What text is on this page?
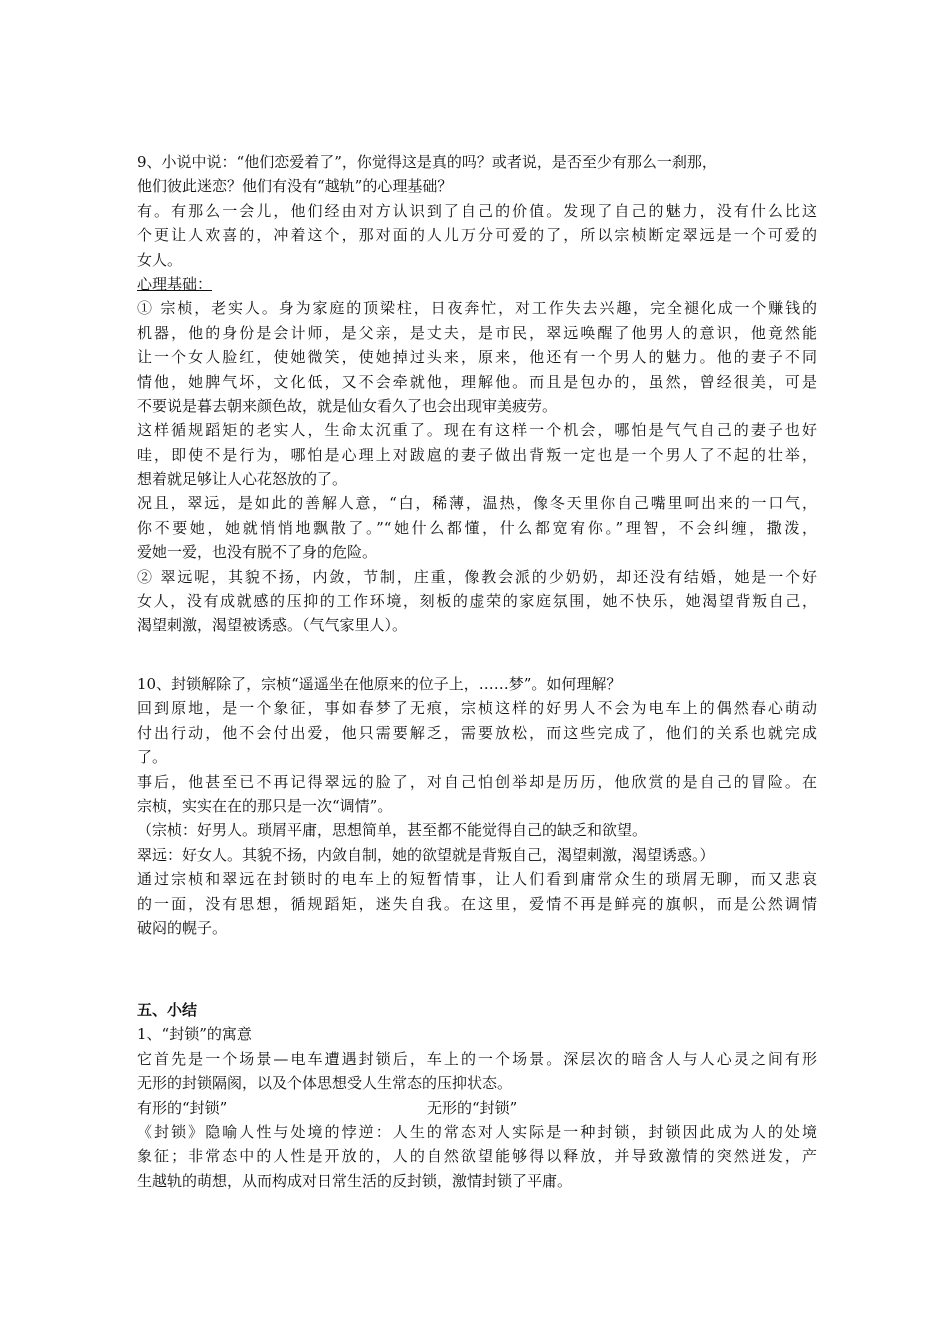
9、小说中说：“他们恋爱着了”，你觉得这是真的吗？或者说，是否至少有那么一刹那，
他们彼此迷恋？他们有没有“越轨”的心理基础？
有。有那么一会儿，他们经由对方认识到了自己的价值。发现了自己的魅力，没有什么比这
个更让人欢喜的，冲着这个，那对面的人儿万分可爱的了，所以宗桢断定翠远是一个可爱的
女人。
心理基础：
① 宗桢，老实人。身为家庭的顶梁柱，日夜奔忙，对工作失去兴趣，完全褪化成一个赚钱的
机器，他的身份是会计师，是父亲，是丈夫，是市民，翠远唤醒了他男人的意识，他竟然能
让一个女人脸红，使她微笑，使她掉过头来，原来，他还有一个男人的魅力。他的妻子不同
情他，她脾气坏，文化低，又不会牵就他，理解他。而且是包办的，虽然，曾经很美，可是
不要说是暮去朝来颜色故，就是仙女看久了也会出现审美疲劳。
这样循规蹈矩的老实人，生命太沉重了。现在有这样一个机会，哪怕是气气自己的妻子也好
哇，即使不是行为，哪怕是心理上对跋扈的妻子做出背叛一定也是一个男人了不起的壮举，
想着就足够让人心花怒放的了。
况且，翠远，是如此的善解人意，“白，稀薄，温热，像冬天里你自己嘴里呵出来的一口气，
你不要她，她就悄悄地飘散了。”“她什么都懂，什么都宽宥你。”理智，不会纠缠，撒泼，
爱她一爱，也没有脱不了身的危险。
② 翠远呢，其貌不扬，内敛，节制，庄重，像教会派的少奶奶，却还没有结婚，她是一个好
女人，没有成就感的压抑的工作环境，刻板的虚荣的家庭氛围，她不快乐，她渴望背叛自己，
渴望刺激，渴望被诱惑。（气气家里人）。
10、封锁解除了，宗桢“遥遥坐在他原来的位子上，……梦”。如何理解？
回到原地，是一个象征，事如春梦了无痕，宗桢这样的好男人不会为电车上的偶然春心萌动
付出行动，他不会付出爱，他只需要解乏，需要放松，而这些完成了，他们的关系也就完成
了。
事后，他甚至已不再记得翠远的脸了，对自己怕创举却是历历，他欣赏的是自己的冒险。在
宗桢，实实在在的那只是一次“调情”。
（宗桢：好男人。琐屑平庸，思想简单，甚至都不能觉得自己的缺乏和欲望。
翠远：好女人。其貌不扬，内敛自制，她的欲望就是背叛自己，渴望刺激，渴望诱惑。）
通过宗桢和翠远在封锁时的电车上的短暂情事，让人们看到庸常众生的琐屑无聊，而又悲哀
的一面，没有思想，循规蹈矩，迷失自我。在这里，爱情不再是鲜亮的旗帜，而是公然调情
破闷的幌子。
五、小结
1、“封锁”的寓意
它首先是一个场景—电车遭遇封锁后，车上的一个场景。深层次的暗含人与人心灵之间有形
无形的封锁隔阂，以及个体思想受人生常态的压抑状态。
有形的“封锁”	无形的“封锁”
《封锁》隐喻人性与处境的悖逆：人生的常态对人实际是一种封锁，封锁因此成为人的处境
象征；非常态中的人性是开放的，人的自然欲望能够得以释放，并导致激情的突然迸发，产
生越轨的萌想，从而构成对日常生活的反封锁，激情封锁了平庸。
